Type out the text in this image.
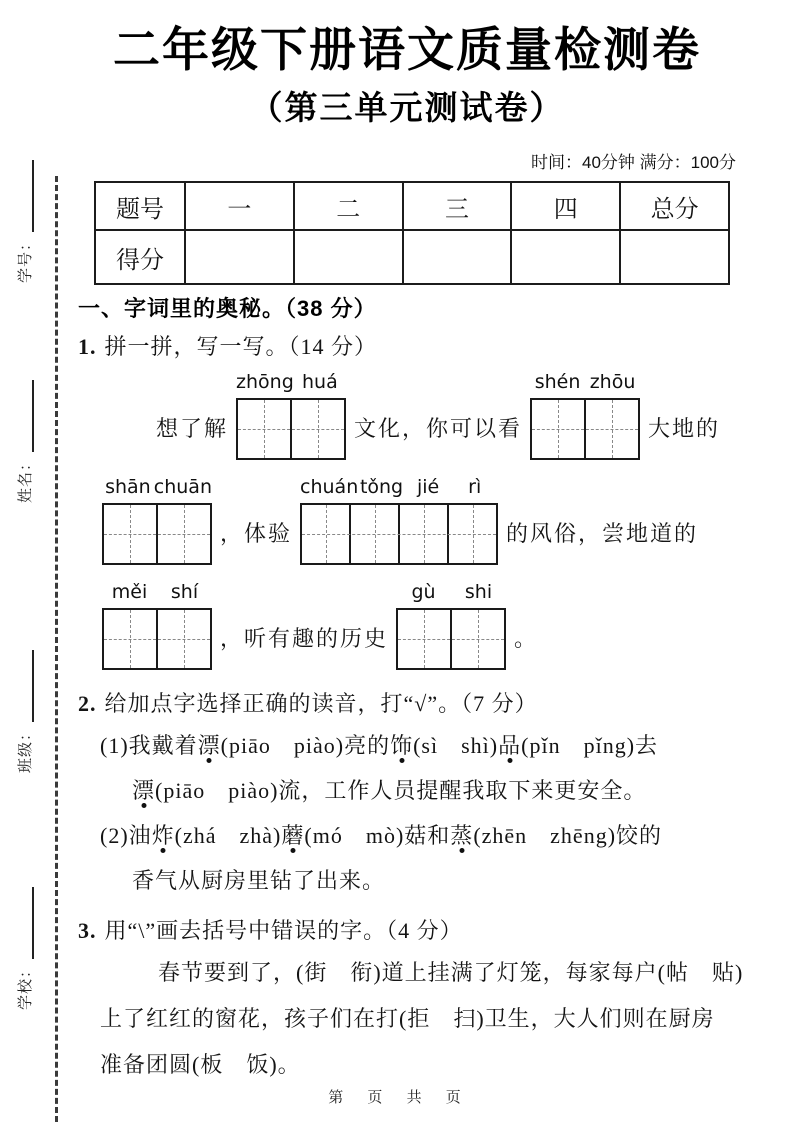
学号：
姓名：
班级：
学校：
二年级下册语文质量检测卷
（第三单元测试卷）
时间：40分钟 满分：100分
题号	一	二	三	四	总分
得分					
一、字词里的奥秘。（38 分）
1. 拼一拼，写一写。（14 分）
想了解
zhōng huá
文化，你可以看
shén zhōu
大地的
shān chuān
，体验
chuán tǒng jié	rì
的风俗，尝地道的
měi	shí
，听有趣的历史
gù	shi
。
2. 给加点字选择正确的读音，打“√”。（7 分）
(1)我戴着漂(piāo　piào)亮的饰(sì　shì)品(pǐn　pǐng)去
漂(piāo　piào)流，工作人员提醒我取下来更安全。
(2)油炸(zhá　zhà)蘑(mó　mò)菇和蒸(zhēn　zhēng)饺的
香气从厨房里钻了出来。
3. 用“\”画去括号中错误的字。（4 分）
春节要到了，(街　衔)道上挂满了灯笼，每家每户(帖　贴)
上了红红的窗花，孩子们在打(拒　扫)卫生，大人们则在厨房
准备团圆(板　饭)。
第 页 共 页
